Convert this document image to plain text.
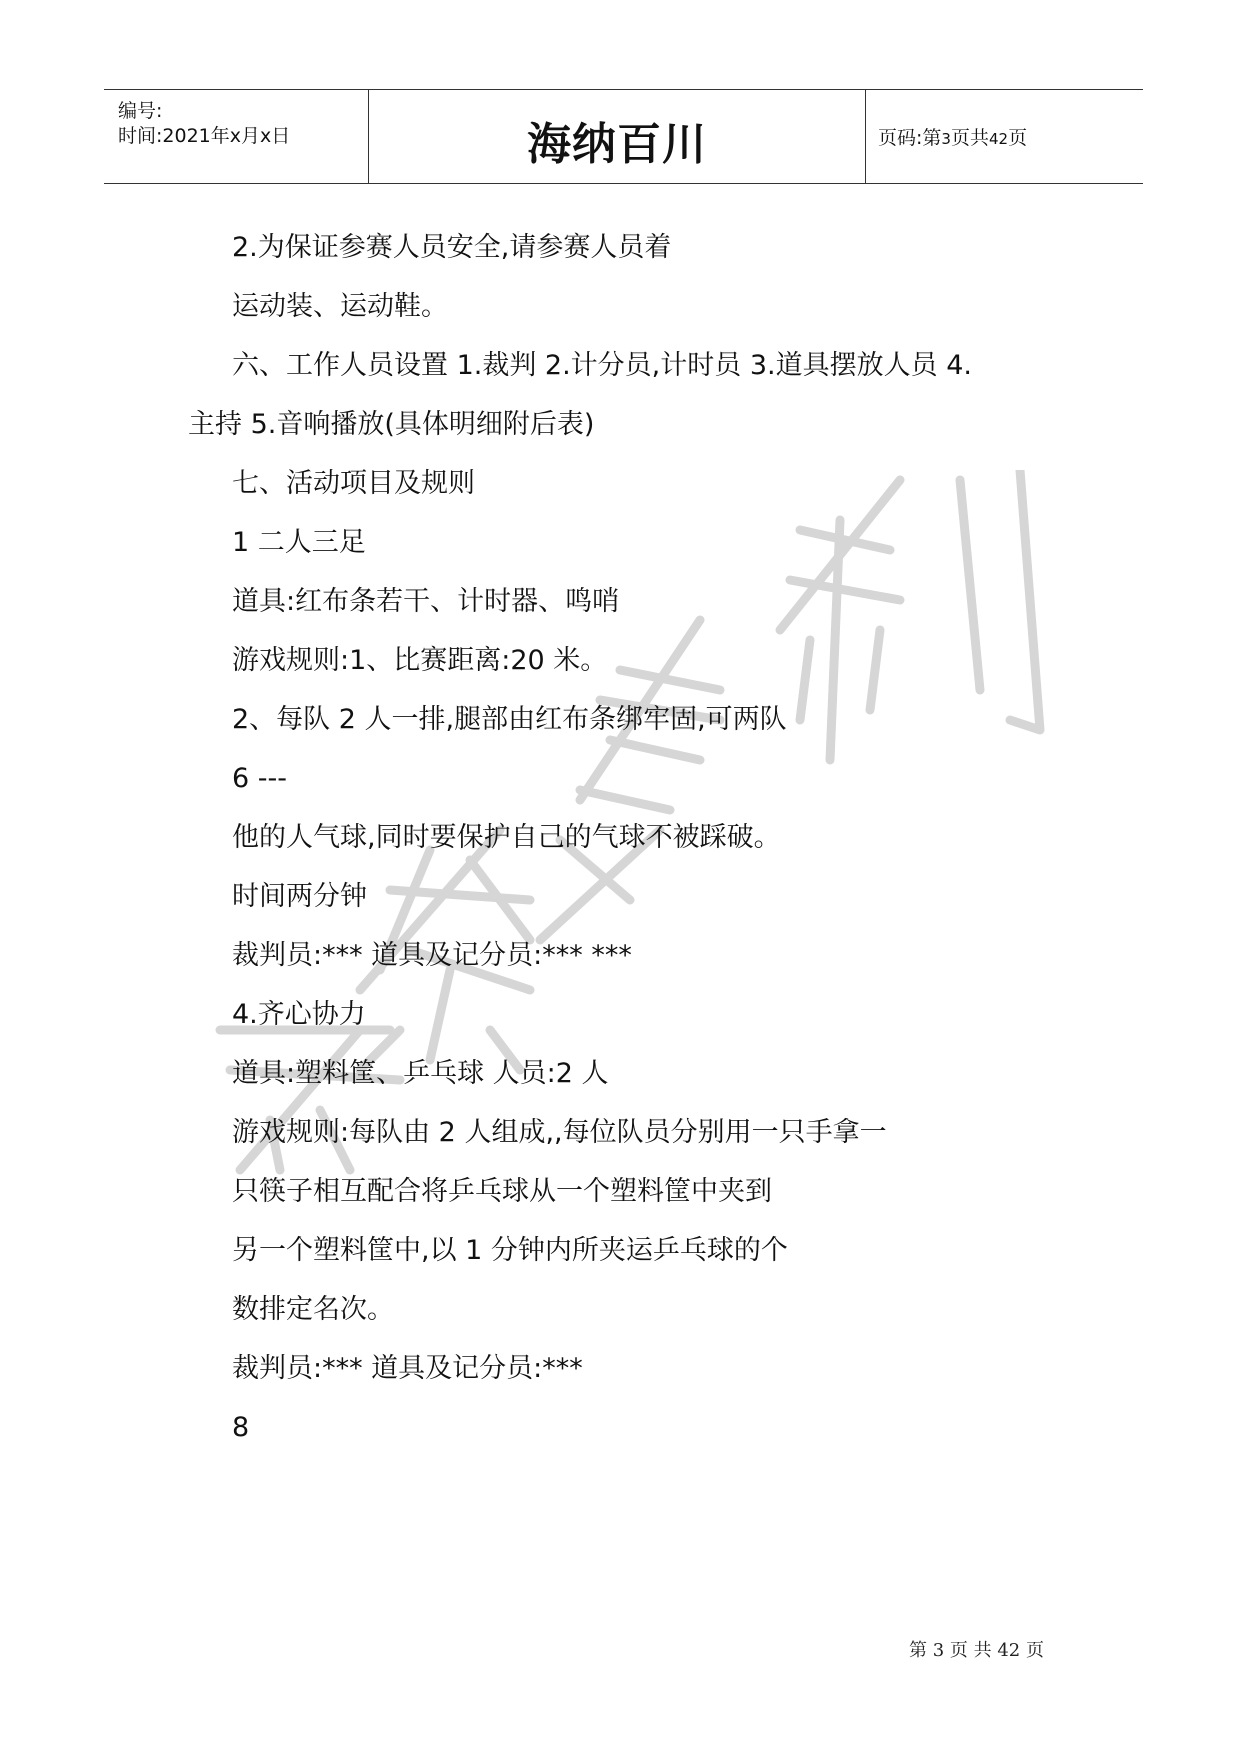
编号:
时间:2021年x月x日	海纳百川	页码:第3页共42页
2.为保证参赛人员安全,请参赛人员着
运动装、运动鞋。
六、工作人员设置 1.裁判 2.计分员,计时员 3.道具摆放人员 4.
主持 5.音响播放(具体明细附后表)
七、活动项目及规则
1 二人三足
道具:红布条若干、计时器、鸣哨
游戏规则:1、比赛距离:20 米。
2、每队 2 人一排,腿部由红布条绑牢固,可两队
6 ---
他的人气球,同时要保护自己的气球不被踩破。
时间两分钟
裁判员:*** 道具及记分员:*** ***
4.齐心协力
道具:塑料筐、乒乓球 人员:2 人
游戏规则:每队由 2 人组成,,每位队员分别用一只手拿一
只筷子相互配合将乒乓球从一个塑料筐中夹到
另一个塑料筐中,以 1 分钟内所夹运乒乓球的个
数排定名次。
裁判员:*** 道具及记分员:***
8
第 3 页 共 42 页
